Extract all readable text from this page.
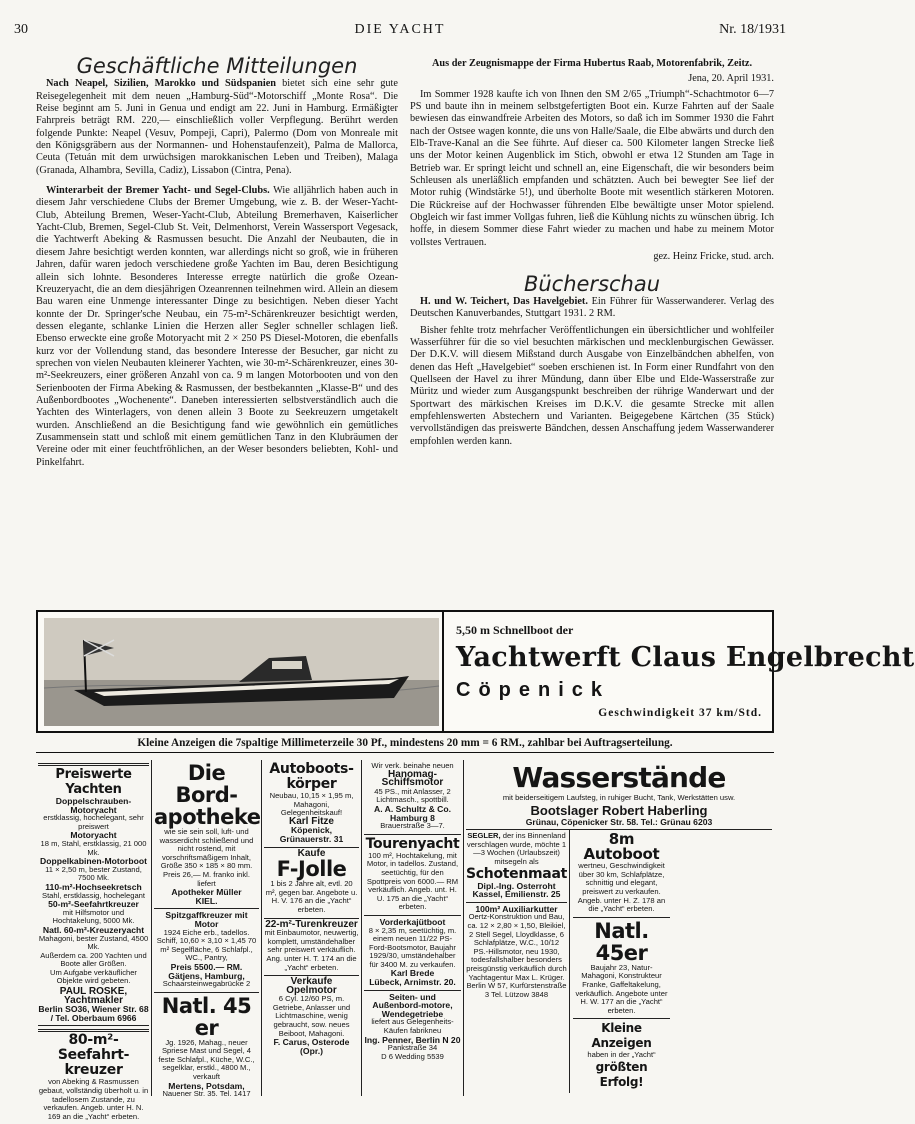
30	DIE YACHT	Nr. 18/1931
Geschäftliche Mitteilungen

Nach Neapel, Sizilien, Marokko und Südspanien bietet sich eine sehr gute Reisegelegenheit mit dem neuen „Hamburg-Süd“-Motorschiff „Monte Rosa“. Die Reise beginnt am 5. Juni in Genua und endigt am 22. Juni in Hamburg. Ermäßigter Fahrpreis beträgt RM. 220,— einschließlich voller Verpflegung. Berührt werden folgende Punkte: Neapel (Vesuv, Pompeji, Capri), Palermo (Dom von Monreale mit den Königsgräbern aus der Normannen- und Hohenstaufenzeit), Palma de Mallorca, Ceuta (Tetuán mit dem urwüchsigen marokkanischen Leben und Treiben), Malaga (Granada, Alhambra, Sevilla, Cadiz), Lissabon (Cintra, Pena).

Winterarbeit der Bremer Yacht- und Segel-Clubs. Wie alljährlich haben auch in diesem Jahr verschiedene Clubs der Bremer Umgebung, wie z. B. der Weser-Yacht-Club, Abteilung Bremen, Weser-Yacht-Club, Abteilung Bremerhaven, Kaiserlicher Yacht-Club, Bremen, Segel-Club St. Veit, Delmenhorst, Verein Wassersport Vegesack, die Yachtwerft Abeking & Rasmussen besucht. Die Anzahl der Neubauten, die in diesem Jahre besichtigt werden konnten, war allerdings nicht so groß, wie in früheren Jahren, dafür waren jedoch verschiedene große Yachten im Bau, deren Besichtigung allein sich lohnte. Besonderes Interesse erregte natürlich die große Ozean-Kreuzeryacht, die an dem diesjährigen Ozeanrennen teilnehmen wird. Allein an diesem Bau waren eine Unmenge interessanter Dinge zu besichtigen. Neben dieser Yacht konnte der Dr. Springer'sche Neubau, ein 75-m²-Schärenkreuzer besichtigt werden, dessen elegante, schlanke Linien die Herzen aller Segler schneller schlagen ließ. Ebenso erweckte eine große Motoryacht mit 2 × 250 PS Diesel-Motoren, die ebenfalls kurz vor der Vollendung stand, das besondere Interesse der Besucher, gar nicht zu sprechen von vielen Neubauten kleinerer Yachten, wie 30-m²-Schärenkreuzer, eines 30-m²-Seekreuzers, einer größeren Anzahl von ca. 9 m langen Motorbooten und von den Serienbooten der Firma Abeking & Rasmussen, der bestbekannten „Klasse-B“ und des Außenbordbootes „Wochenente“. Daneben interessierten selbstverständlich auch die Yachten des Winterlagers, von denen allein 3 Boote zu Seekreuzern umgetakelt wurden. Anschließend an die Besichtigung fand wie gewöhnlich ein gemütliches Zusammensein statt und schloß mit einem gemütlichen Tanz in den Klubräumen der Vereine oder mit einer feuchtfröhlichen, an der Weser besonders beliebten, Kohl- und Pinkelfahrt.

Aus der Zeugnismappe der Firma Hubertus Raab, Motorenfabrik, Zeitz.
Jena, 20. April 1931.

Im Sommer 1928 kaufte ich von Ihnen den SM 2/65 „Triumph“-Schachtmotor 6—7 PS und baute ihn in meinem selbstgefertigten Boot ein. Kurze Fahrten auf der Saale bewiesen das einwandfreie Arbeiten des Motors, so daß ich im Sommer 1930 die Fahrt nach der Ostsee wagen konnte, die uns von Halle/Saale, die Elbe abwärts und durch den Elb-Trave-Kanal an die See führte. Auf dieser ca. 500 Kilometer langen Strecke ließ uns der Motor keinen Augenblick im Stich, obwohl er etwa 12 Stunden am Tage in Betrieb war. Er springt leicht und schnell an, eine Eigenschaft, die wir besonders beim Schleusen als unerläßlich empfanden und schätzten. Auch bei bewegter See lief der Motor ruhig (Windstärke 5!), und überholte Boote mit wesentlich stärkeren Motoren. Die Rückreise auf der Hochwasser führenden Elbe bewältigte unser Motor spielend. Obgleich wir fast immer Vollgas fuhren, ließ die Kühlung nichts zu wünschen übrig. Ich hoffe, in diesem Sommer diese Fahrt wieder zu machen und habe zu meinem Motor vollstes Vertrauen.

gez. Heinz Fricke, stud. arch.
Bücherschau

H. und W. Teichert, Das Havelgebiet. Ein Führer für Wasserwanderer. Verlag des Deutschen Kanuverbandes, Stuttgart 1931. 2 RM.

Bisher fehlte trotz mehrfacher Veröffentlichungen ein übersichtlicher und wohlfeiler Wasserführer für die so viel besuchten märkischen und mecklenburgischen Gewässer. Der D.K.V. will diesem Mißstand durch Ausgabe von Einzelbändchen abhelfen, von denen das Heft „Havelgebiet“ soeben erschienen ist. In Form einer Rundfahrt von den Quellseen der Havel zu ihrer Mündung, dann über Elbe und Elde-Wasserstraße zur Müritz und wieder zum Ausgangspunkt beschreiben der rührige Wanderwart und der Sportwart des märkischen Kreises im D.K.V. die gesamte Strecke mit allen empfehlenswerten Abstechern und Varianten. Beigegebene Kärtchen (35 Stück) vervollständigen das preiswerte Bändchen, dessen Anschaffung jedem Wasserwanderer empfohlen werden kann.

5,50 m Schnellboot der
Yachtwerft Claus Engelbrecht
Cöpenick
Geschwindigkeit 37 km/Std.
Kleine Anzeigen die 7spaltige Millimeterzeile 30 Pf., mindestens 20 mm = 6 RM., zahlbar bei Auftragserteilung.
Preiswerte Yachten
Doppelschrauben-Motoryacht
erstklassig, hochelegant, sehr preiswert
Motoryacht
18 m, Stahl, erstklassig, 21 000 Mk.
Doppelkabinen-Motorboot
11 × 2,50 m, bester Zustand, 7500 Mk.
110-m²-Hochseekretsch
Stahl, erstklassig, hochelegant
50-m²-Seefahrtkreuzer
mit Hilfsmotor und Hochtakelung, 5000 Mk.
Natl. 60-m²-Kreuzeryacht
Mahagoni, bester Zustand, 4500 Mk.
Außerdem ca. 200 Yachten und Boote aller Größen.
Um Aufgabe verkäuflicher Objekte wird gebeten.
PAUL ROSKE, Yachtmakler
Berlin SO36, Wiener Str. 68 / Tel. Oberbaum 6966
80-m²-Seefahrt-kreuzer
von Abeking & Rasmussen gebaut, vollständig überholt u. in tadellosem Zustande, zu verkaufen. Angeb. unter H. N. 169 an die „Yacht“ erbeten.
Die Bord-apotheke
wie sie sein soll, luft- und wasserdicht schließend und nicht rostend, mit vorschriftsmäßigem Inhalt, Größe 350 × 185 × 80 mm. Preis 26,— M. franko inkl. liefert
Apotheker Müller
KIEL.
Spitzgaffkreuzer mit Motor
1924 Eiche erb., tadellos. Schiff, 10,60 × 3,10 × 1,45 70 m² Segelfläche, 6 Schlafpl., WC., Pantry,
Preis 5500.— RM.
Gätjens, Hamburg,
Schaarsteinwegabrücke 2
Natl. 45 er
Jg. 1926, Mahag., neuer Spriese Mast und Segel, 4 feste Schlafpl., Küche, W.C., segelklar, erstkl., 4800 M., verkauft
Mertens, Potsdam,
Nauener Str. 35. Tel. 1417
Autoboots-körper
Neubau, 10,15 × 1,95 m, Mahagoni, Gelegenheitskauf!
Karl Fitze
Köpenick, Grünauerstr. 31
Kaufe
F-Jolle
1 bis 2 Jahre alt, evtl. 20 m², gegen bar. Angebote u. H. V. 176 an die „Yacht“ erbeten.
22-m²-Turenkreuzer
mit Einbaumotor, neuwertig, komplett, umständehalber sehr preiswert verkäuflich. Ang. unter H. T. 174 an die „Yacht“ erbeten.
Verkaufe Opelmotor
6 Cyl. 12/60 PS, m. Getriebe, Anlasser und Lichtmaschine, wenig gebraucht, sow. neues Beiboot, Mahagoni.
F. Carus, Osterode (Opr.)
Wir verk. beinahe neuen
Hanomag-Schiffsmotor
45 PS., mit Anlasser, 2 Lichtmasch., spottbill.
A. A. Schultz & Co.
Hamburg 8
Brauerstraße 3—7.
Tourenyacht
100 m², Hochtakelung, mit Motor, in tadellos. Zustand, seetüchtig, für den Spottpreis von 6000.— RM verkäuflich. Angeb. unt. H. U. 175 an die „Yacht“ erbeten.
Vorderkajütboot
8 × 2,35 m, seetüchtig, m. einem neuen 11/22 PS-Ford-Bootsmotor, Baujahr 1929/30, umständehalber für 3400 M. zu verkaufen.
Karl Brede
Lübeck, Arnimstr. 20.
Seiten- und Außenbord-motore, Wendegetriebe
liefert aus Gelegenheits-Käufen fabrikneu
Ing. Penner, Berlin N 20
Pankstraße 34
D 6 Wedding 5539
Wasserstände
mit beiderseitigem Laufsteg, in ruhiger Bucht, Tank, Werkstätten usw.
Bootslager Robert Haberling
Grünau, Cöpenicker Str. 58. Tel.: Grünau 6203
SEGLER, der ins Binnenland verschlagen wurde, möchte 1—3 Wochen (Urlaubszeit) mitsegeln als
Schotenmaat
Dipl.-Ing. Osterroht
Kassel, Emilienstr. 25
100m² Auxiliarkutter
Oertz-Konstruktion und Bau, ca. 12 × 2,80 × 1,50, Bleikiel, 2 Stell Segel, Lloydklasse, 6 Schlafplätze, W.C., 10/12 PS.-Hillsmotor, neu 1930, todesfallshalber besonders preisgünstig verkäuflich durch Yachtagentur Max L. Krüger. Berlin W 57, Kurfürstenstraße 3 Tel. Lützow 3848
8m Autoboot
wertneu, Geschwindigkeit über 30 km, Schlafplätze, schnittig und elegant, preiswert zu verkaufen. Angeb. unter H. Z. 178 an die „Yacht“ erbeten.
Natl. 45er
Baujahr 23, Natur-Mahagoni, Konstrukteur Franke, Gaffeltakelung, verkäuflich. Angebote unter H. W. 177 an die „Yacht“ erbeten.
Kleine Anzeigen
haben in der „Yacht“
größten Erfolg!
